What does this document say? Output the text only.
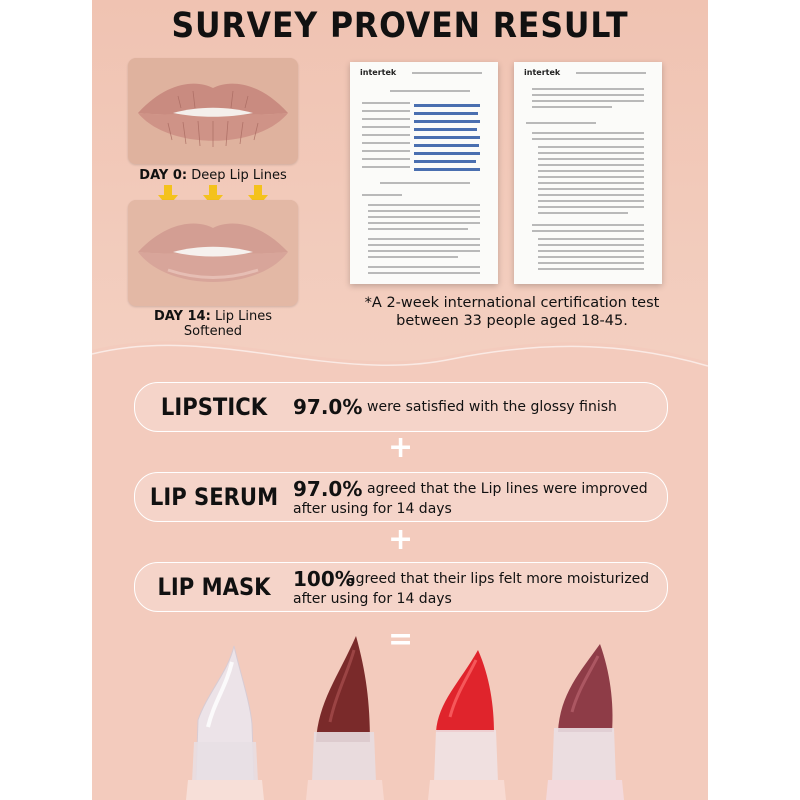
SURVEY PROVEN RESULT
DAY 0: Deep Lip Lines
DAY 14: Lip Lines Softened
intertek	intertek
*A 2-week international certification test
between 33 people aged 18-45.
LIPSTICK	97.0% were satisfied with the glossy finish
+
LIP SERUM 97.0% agreed that the Lip lines were improved
after using for 14 days
+
LIP MASK	100%
agreed that their lips felt more moisturized
after using for 14 days
=
